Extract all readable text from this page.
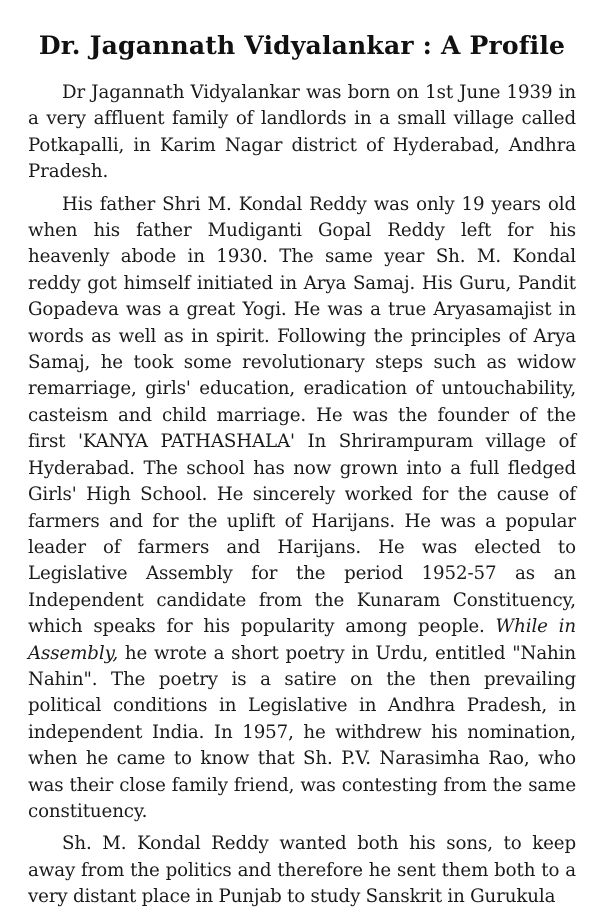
Dr. Jagannath Vidyalankar : A Profile

Dr Jagannath Vidyalankar was born on 1st June 1939 in a very affluent family of landlords in a small village called Potkapalli, in Karim Nagar district of Hyderabad, Andhra Pradesh.

His father Shri M. Kondal Reddy was only 19 years old when his father Mudiganti Gopal Reddy left for his heavenly abode in 1930. The same year Sh. M. Kondal reddy got himself initiated in Arya Samaj. His Guru, Pandit Gopadeva was a great Yogi. He was a true Aryasamajist in words as well as in spirit. Following the principles of Arya Samaj, he took some revolutionary steps such as widow remarriage, girls' education, eradication of untouchability, casteism and child marriage. He was the founder of the first 'KANYA PATHASHALA' In Shrirampuram village of Hyderabad. The school has now grown into a full fledged Girls' High School. He sincerely worked for the cause of farmers and for the uplift of Harijans. He was a popular leader of farmers and Harijans. He was elected to Legislative Assembly for the period 1952-57 as an Independent candidate from the Kunaram Constituency, which speaks for his popularity among people. While in Assembly, he wrote a short poetry in Urdu, entitled "Nahin Nahin". The poetry is a satire on the then prevailing political conditions in Legislative in Andhra Pradesh, in independent India. In 1957, he withdrew his nomination, when he came to know that Sh. P.V. Narasimha Rao, who was their close family friend, was contesting from the same constituency.

Sh. M. Kondal Reddy wanted both his sons, to keep away from the politics and therefore he sent them both to a very distant place in Punjab to study Sanskrit in Gurukula
